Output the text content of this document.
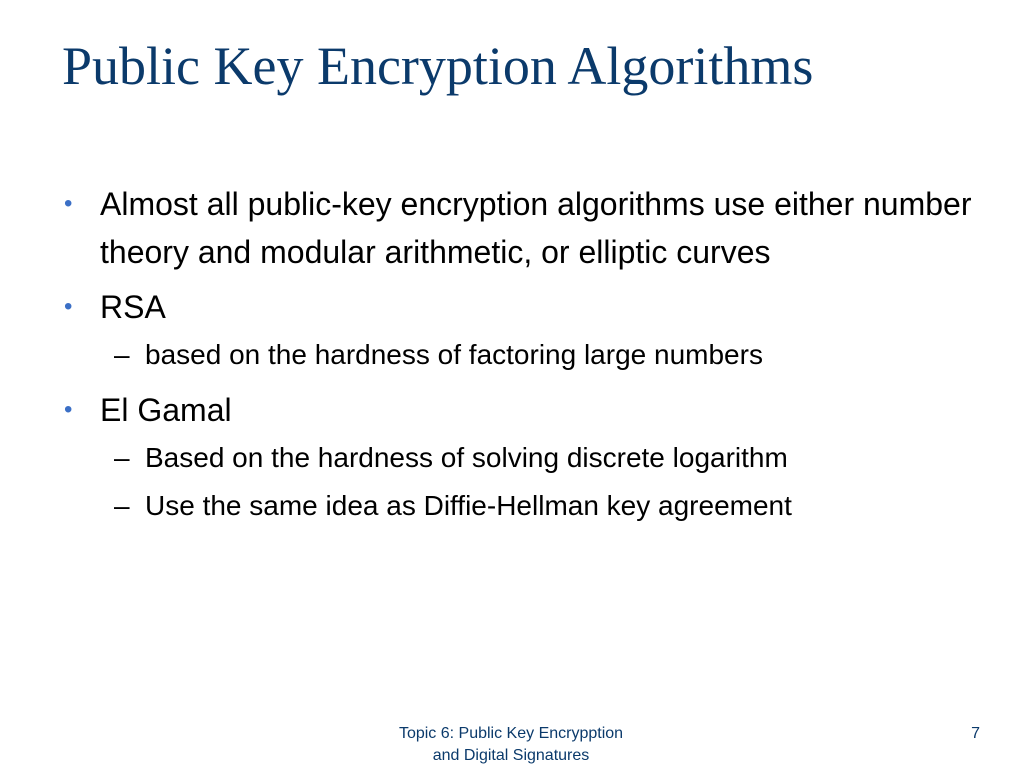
Public Key Encryption Algorithms
• Almost all public-key encryption algorithms use either number theory and modular arithmetic, or elliptic curves
• RSA
– based on the hardness of factoring large numbers
• El Gamal
– Based on the hardness of solving discrete logarithm
– Use the same idea as Diffie-Hellman key agreement
Topic 6: Public Key Encrypption
and Digital Signatures
7
